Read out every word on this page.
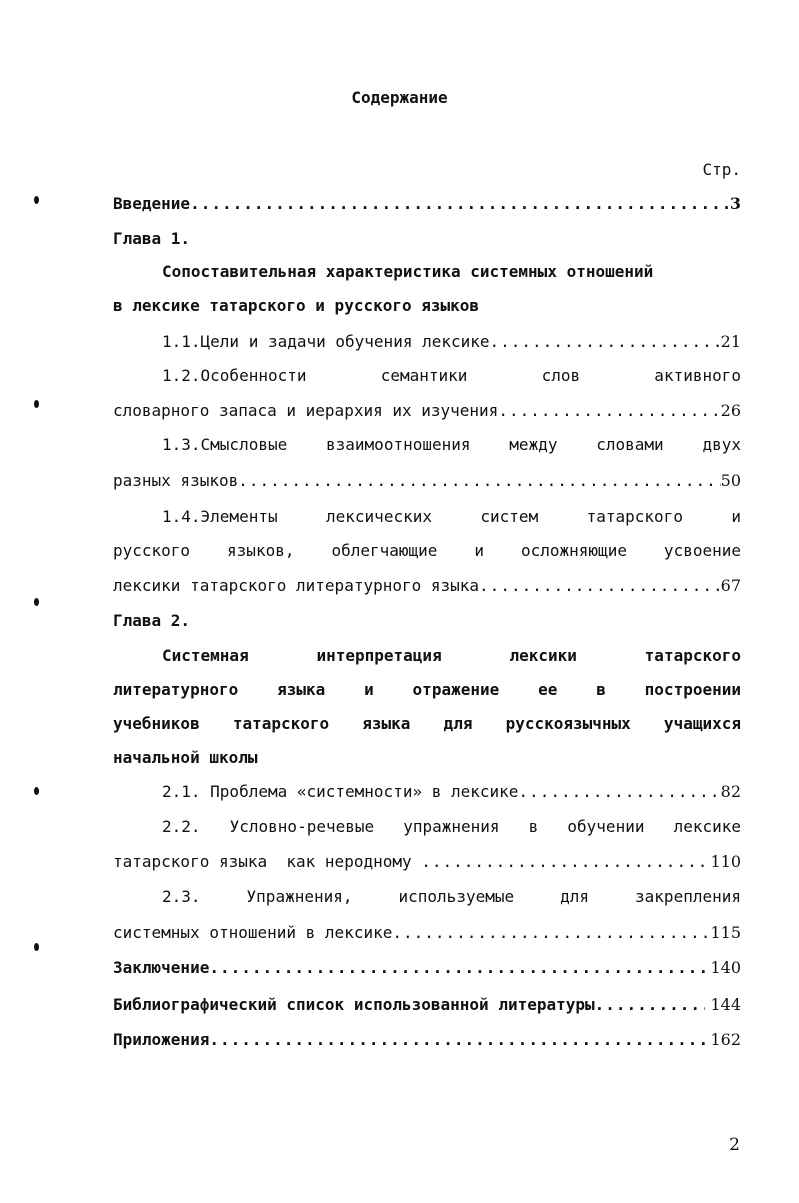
Содержание
Стр.
Введение .....	3
Глава 1.
Сопоставительная характеристика системных отношений
в лексике татарского и русского языков
1.1.Цели и задачи обучения лексике .....	21
1.2.Особенности семантики слов активного
словарного запаса и иерархия их изучения .....	26
1.3.Смысловые взаимоотношения между словами двух
разных языков .....	50
1.4.Элементы лексических систем татарского и
русского языков, облегчающие и осложняющие усвоение
лексики татарского литературного языка .....	67
Глава 2.
Системная интерпретация лексики татарского
литературного языка и отражение ее в построении
учебников татарского языка для русскоязычных учащихся
начальной школы
2.1. Проблема «системности» в лексике .....	82
2.2. Условно-речевые упражнения в обучении лексике
татарского языка  как неродному .....	110
2.3. Упражнения, используемые для закрепления
системных отношений в лексике .....	115
Заключение .....	140
Библиографический список использованной литературы .....	144
Приложения .....	162
2
